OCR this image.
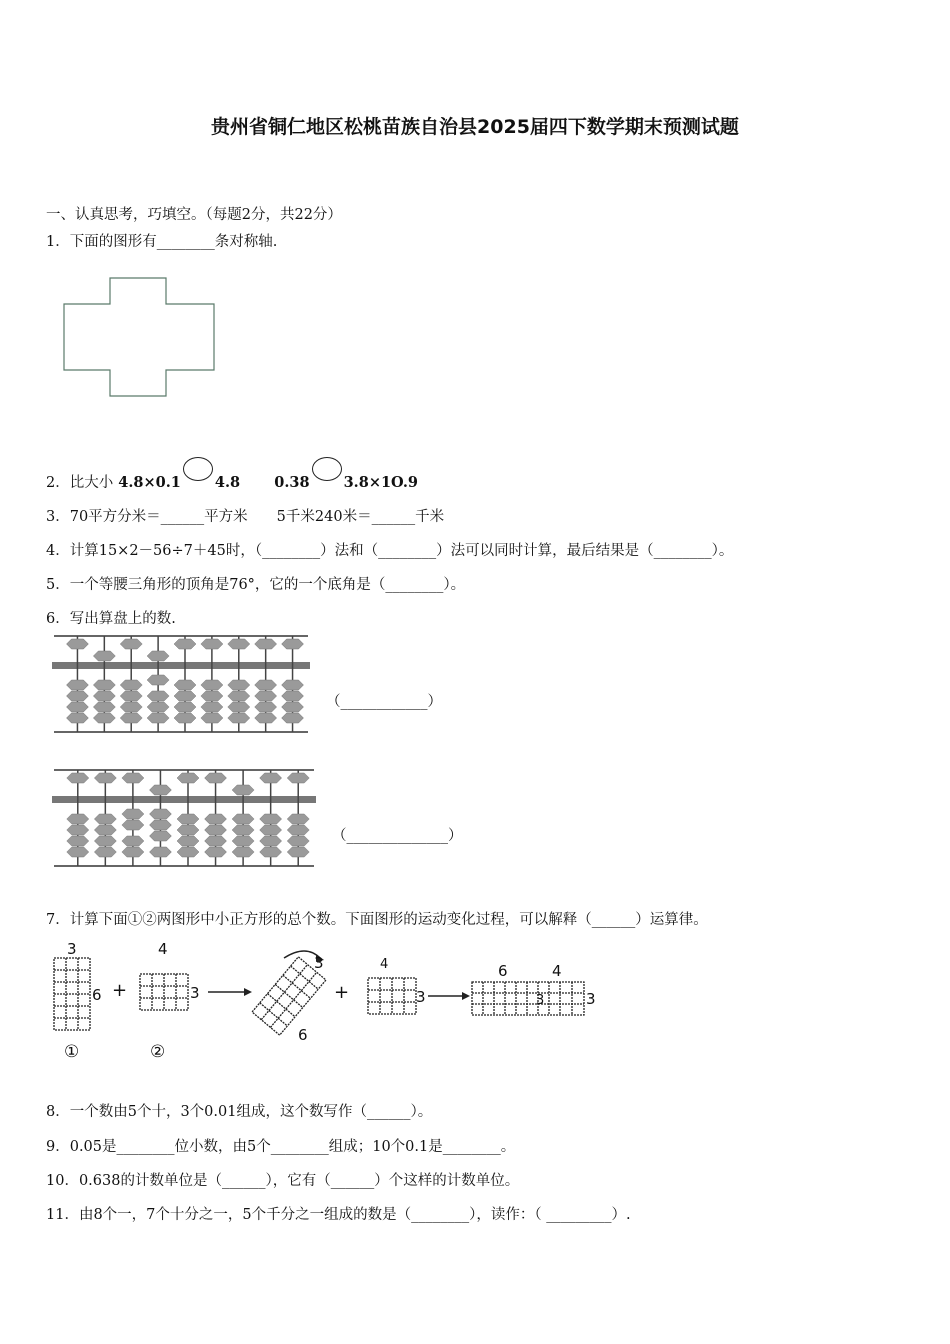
贵州省铜仁地区松桃苗族自治县2025届四下数学期末预测试题
一、认真思考，巧填空。（每题2分，共22分）
1．下面的图形有________条对称轴.
2．比大小 4.8×0.1 4.8 0.38 3.8×1O.9
3．70平方分米＝______平方米　　5千米240米＝______千米
4．计算15×2－56÷7＋45时，（________）法和（________）法可以同时计算，最后结果是（________）。
5．一个等腰三角形的顶角是76°，它的一个底角是（________）。
6．写出算盘上的数.
（____________）
（______________）
7．计算下面①②两图形中小正方形的总个数。下面图形的运动变化过程，可以解释（______）运算律。
3
6
①
+
4
3
②
3
6
+
4
3
6	4
3	3
8．一个数由5个十，3个0.01组成，这个数写作（______）。
9．0.05是________位小数，由5个________组成；10个0.1是________。
10．0.638的计数单位是（______），它有（______）个这样的计数单位。
11．由8个一，7个十分之一，5个千分之一组成的数是（________），读作：（ _________）.
